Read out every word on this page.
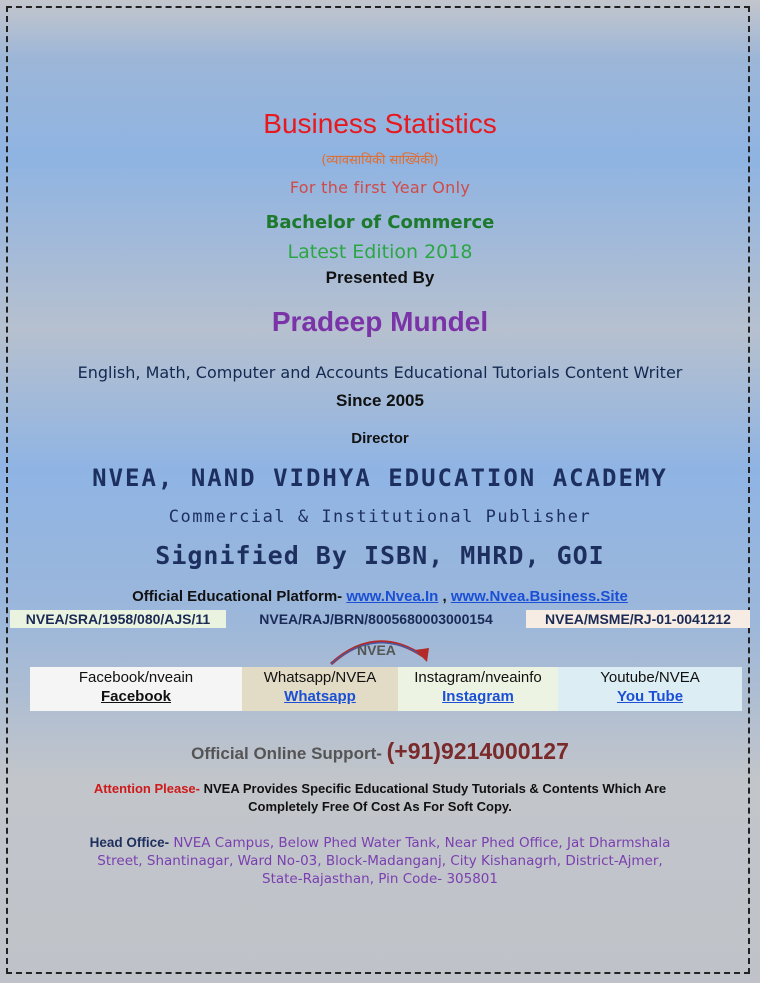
Business Statistics
(व्यावसायिकी साख्यिंकी)
For the first Year Only
Bachelor of Commerce
Latest Edition 2018
Presented By
Pradeep Mundel
English, Math, Computer and Accounts Educational Tutorials Content Writer
Since 2005
Director
NVEA, NAND VIDHYA EDUCATION ACADEMY
Commercial & Institutional Publisher
Signified By ISBN, MHRD, GOI
Official Educational Platform- www.Nvea.In , www.Nvea.Business.Site
NVEA/SRA/1958/080/AJS/11	NVEA/RAJ/BRN/8005680003000154	NVEA/MSME/RJ-01-0041212
NVEA
Facebook/nveain
Facebook
Whatsapp/NVEA
Whatsapp
Instagram/nveainfo
Instagram
Youtube/NVEA
You Tube
Official Online Support- (+91)9214000127
Attention Please- NVEA Provides Specific Educational Study Tutorials & Contents Which Are
Completely Free Of Cost As For Soft Copy.
Head Office- NVEA Campus, Below Phed Water Tank, Near Phed Office, Jat Dharmshala
Street, Shantinagar, Ward No-03, Block-Madanganj, City Kishanagrh, District-Ajmer,
State-Rajasthan, Pin Code- 305801
